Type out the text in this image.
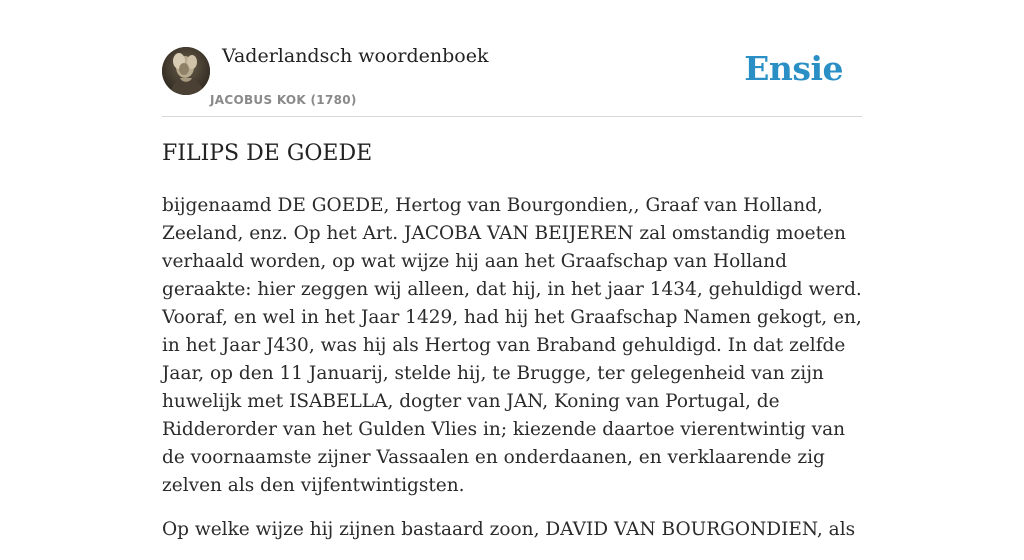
Vaderlandsch woordenboek
JACOBUS KOK (1780)
Ensie
FILIPS DE GOEDE

bijgenaamd DE GOEDE, Hertog van Bourgondien,, Graaf van Holland, Zeeland, enz. Op het Art. JACOBA VAN BEIJEREN zal omstandig moeten verhaald worden, op wat wijze hij aan het Graafschap van Holland geraakte: hier zeggen wij alleen, dat hij, in het jaar 1434, gehuldigd werd. Vooraf, en wel in het Jaar 1429, had hij het Graafschap Namen gekogt, en, in het Jaar J430, was hij als Hertog van Braband gehuldigd. In dat zelfde Jaar, op den 11 Januarij, stelde hij, te Brugge, ter gelegenheid van zijn huwelijk met ISABELLA, dogter van JAN, Koning van Portugal, de Ridderorder van het Gulden Vlies in; kiezende daartoe vierentwintig van de voornaamste zijner Vassaalen en onderdaanen, en verklaarende zig zelven als den vijfentwintigsten.

Op welke wijze hij zijnen bastaard zoon, DAVID VAN BOURGONDIEN, als
